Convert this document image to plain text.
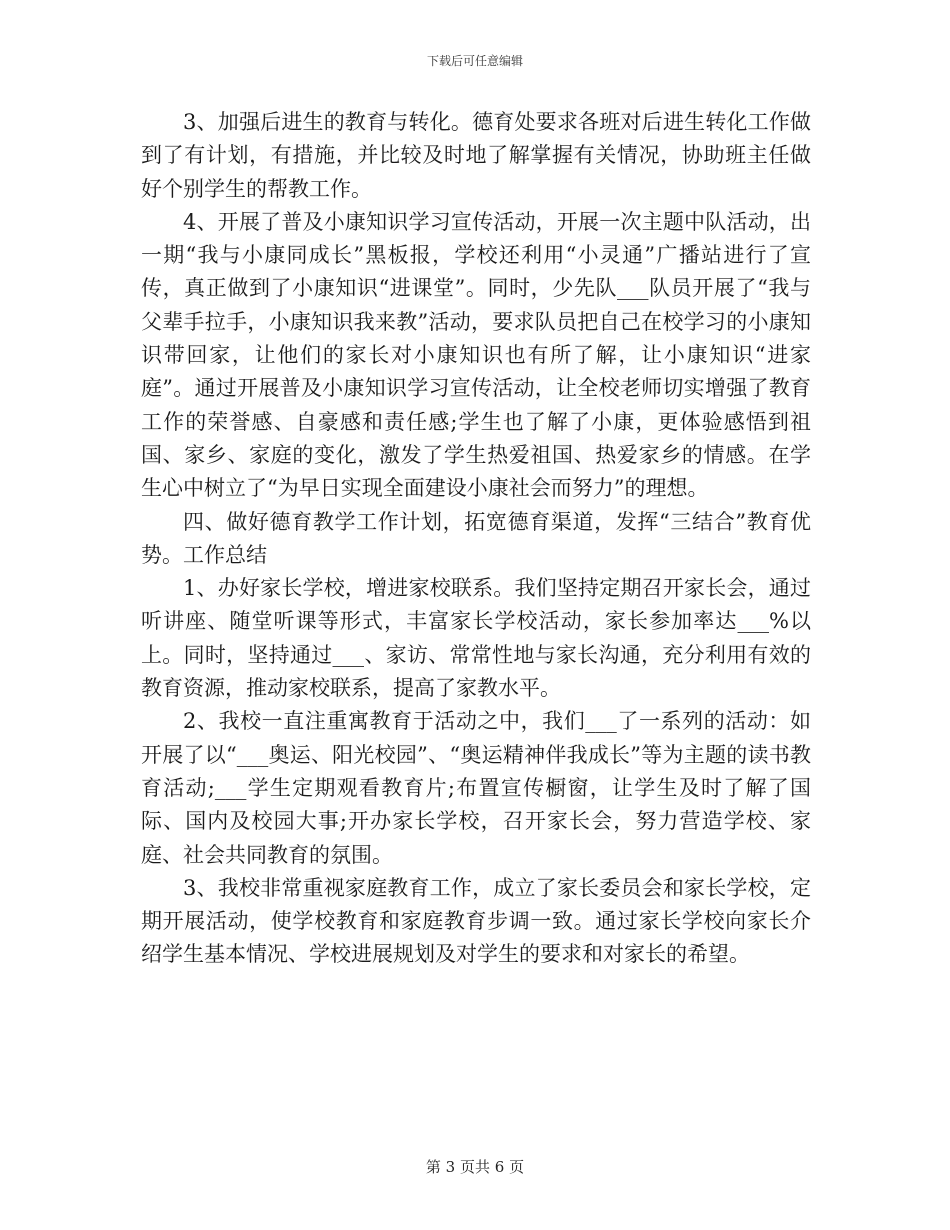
下载后可任意编辑

3、加强后进生的教育与转化。德育处要求各班对后进生转化工作做到了有计划，有措施，并比较及时地了解掌握有关情况，协助班主任做好个别学生的帮教工作。

4、开展了普及小康知识学习宣传活动，开展一次主题中队活动，出一期“我与小康同成长”黑板报，学校还利用“小灵通”广播站进行了宣传，真正做到了小康知识“进课堂”。同时，少先队___队员开展了“我与父辈手拉手，小康知识我来教”活动，要求队员把自己在校学习的小康知识带回家，让他们的家长对小康知识也有所了解，让小康知识“进家庭”。通过开展普及小康知识学习宣传活动，让全校老师切实增强了教育工作的荣誉感、自豪感和责任感;学生也了解了小康，更体验感悟到祖国、家乡、家庭的变化，激发了学生热爱祖国、热爱家乡的情感。在学生心中树立了“为早日实现全面建设小康社会而努力”的理想。

四、做好德育教学工作计划，拓宽德育渠道，发挥“三结合”教育优势。工作总结

1、办好家长学校，增进家校联系。我们坚持定期召开家长会，通过听讲座、随堂听课等形式，丰富家长学校活动，家长参加率达___%以上。同时，坚持通过___、家访、常常性地与家长沟通，充分利用有效的教育资源，推动家校联系，提高了家教水平。

2、我校一直注重寓教育于活动之中，我们___了一系列的活动：如开展了以“___奥运、阳光校园”、“奥运精神伴我成长”等为主题的读书教育活动;___学生定期观看教育片;布置宣传橱窗，让学生及时了解了国际、国内及校园大事;开办家长学校，召开家长会，努力营造学校、家庭、社会共同教育的氛围。

3、我校非常重视家庭教育工作，成立了家长委员会和家长学校，定期开展活动，使学校教育和家庭教育步调一致。通过家长学校向家长介绍学生基本情况、学校进展规划及对学生的要求和对家长的希望。

第 3 页共 6 页
